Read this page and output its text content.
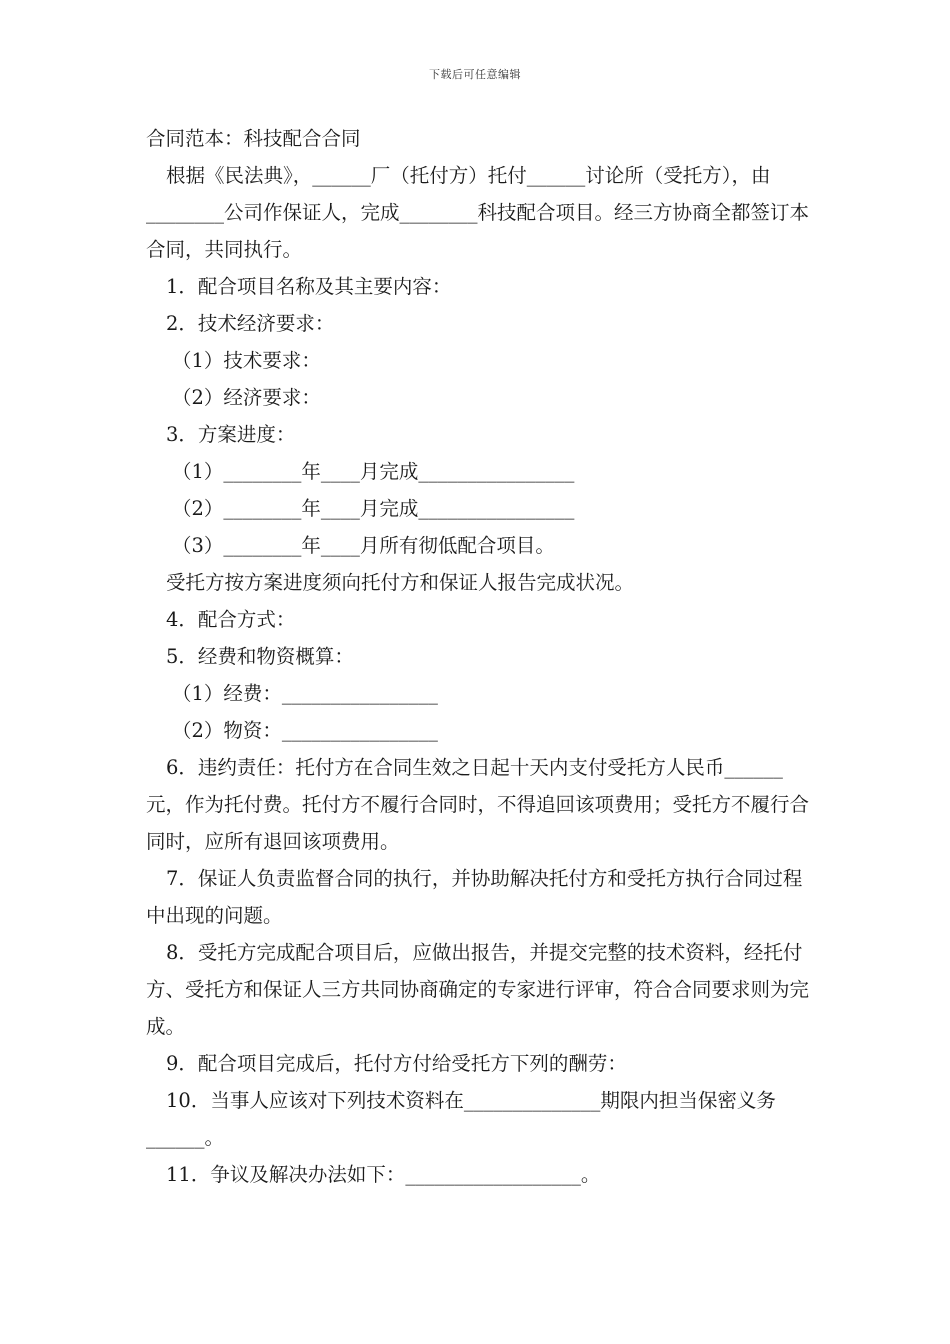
下载后可任意编辑

合同范本：科技配合合同

根据《民法典》，______厂（托付方）托付______讨论所（受托方），由________公司作保证人，完成________科技配合项目。经三方协商全都签订本合同，共同执行。

1．配合项目名称及其主要内容：

2．技术经济要求：

（1）技术要求：

（2）经济要求：

3．方案进度：

（1）________年____月完成________________

（2）________年____月完成________________

（3）________年____月所有彻低配合项目。

受托方按方案进度须向托付方和保证人报告完成状况。

4．配合方式：

5．经费和物资概算：

（1）经费：________________

（2）物资：________________

6．违约责任：托付方在合同生效之日起十天内支付受托方人民币______元，作为托付费。托付方不履行合同时，不得追回该项费用；受托方不履行合同时，应所有退回该项费用。

7．保证人负责监督合同的执行，并协助解决托付方和受托方执行合同过程中出现的问题。

8．受托方完成配合项目后，应做出报告，并提交完整的技术资料，经托付方、受托方和保证人三方共同协商确定的专家进行评审，符合合同要求则为完成。

9．配合项目完成后，托付方付给受托方下列的酬劳：

10．当事人应该对下列技术资料在______________期限内担当保密义务______。

11．争议及解决办法如下：__________________。
